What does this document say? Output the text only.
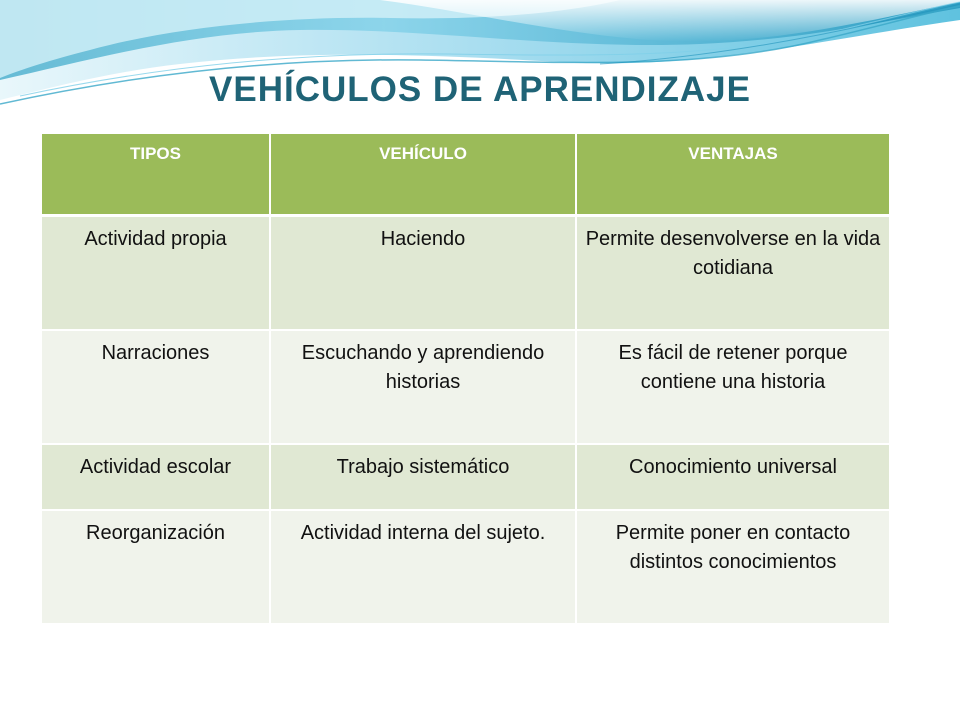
VEHÍCULOS DE APRENDIZAJE
TIPOS	VEHÍCULO	VENTAJAS
Actividad propia	Haciendo	Permite desenvolverse en la vida cotidiana
Narraciones	Escuchando y aprendiendo historias	Es fácil de retener porque contiene una historia
Actividad escolar	Trabajo sistemático	Conocimiento universal
Reorganización	Actividad interna del sujeto.	Permite poner en contacto distintos conocimientos
